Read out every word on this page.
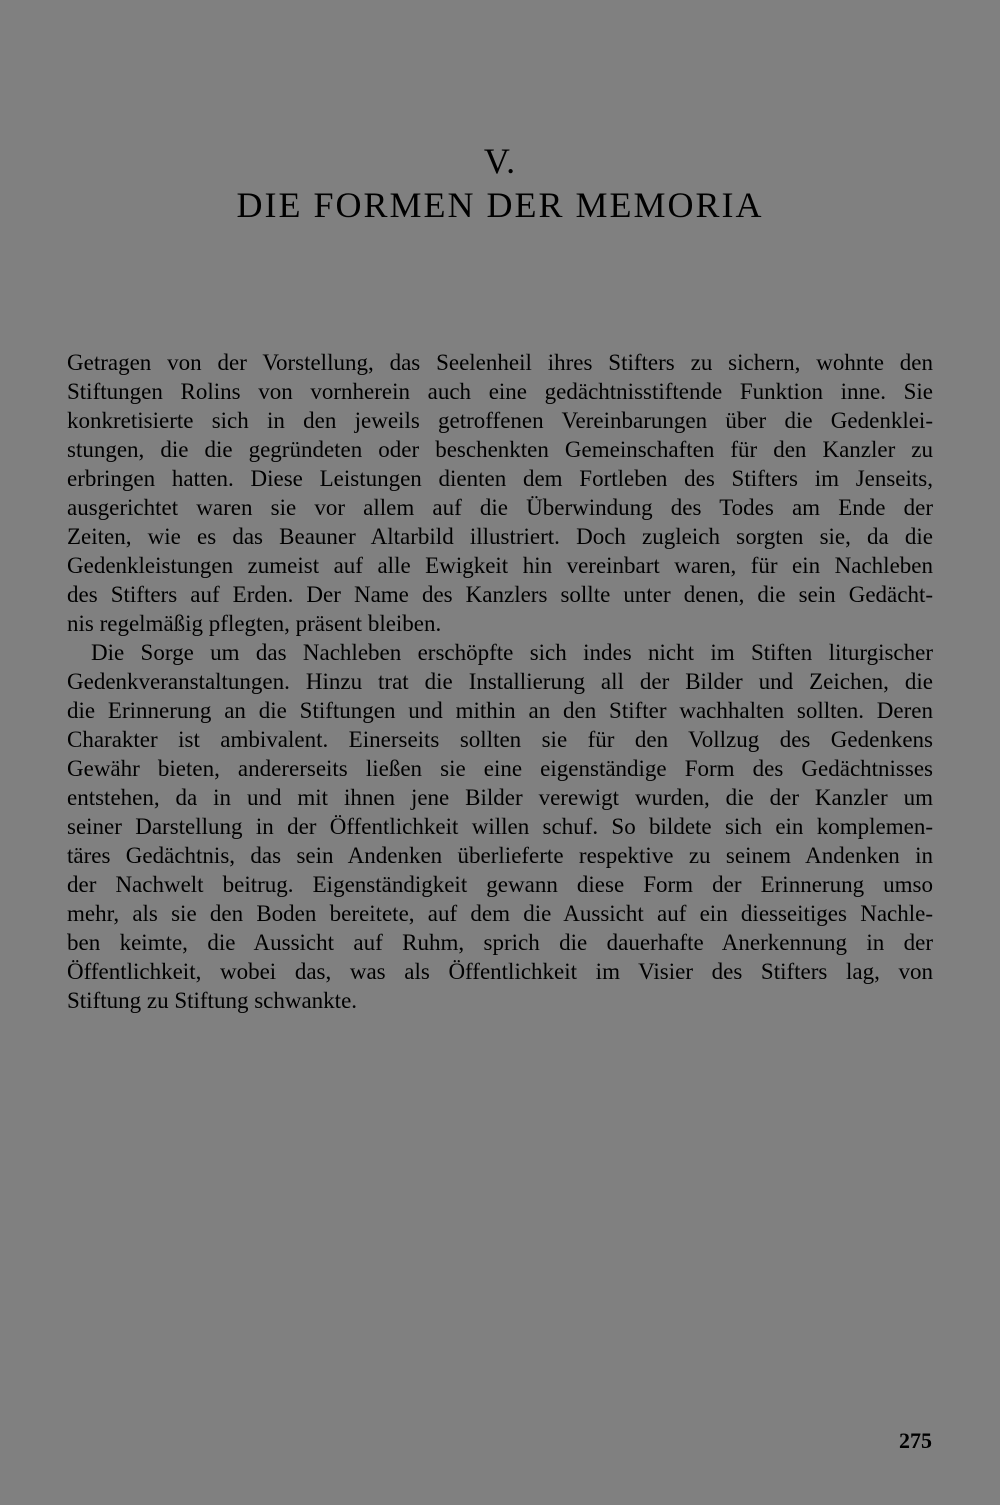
V.
DIE FORMEN DER MEMORIA
Getragen von der Vorstellung, das Seelenheil ihres Stifters zu sichern, wohnte den
Stiftungen Rolins von vornherein auch eine gedächtnisstiftende Funktion inne. Sie
konkretisierte sich in den jeweils getroffenen Vereinbarungen über die Gedenklei-
stungen, die die gegründeten oder beschenkten Gemeinschaften für den Kanzler zu
erbringen hatten. Diese Leistungen dienten dem Fortleben des Stifters im Jenseits,
ausgerichtet waren sie vor allem auf die Überwindung des Todes am Ende der
Zeiten, wie es das Beauner Altarbild illustriert. Doch zugleich sorgten sie, da die
Gedenkleistungen zumeist auf alle Ewigkeit hin vereinbart waren, für ein Nachleben
des Stifters auf Erden. Der Name des Kanzlers sollte unter denen, die sein Gedächt-
nis regelmäßig pflegten, präsent bleiben.
Die Sorge um das Nachleben erschöpfte sich indes nicht im Stiften liturgischer
Gedenkveranstaltungen. Hinzu trat die Installierung all der Bilder und Zeichen, die
die Erinnerung an die Stiftungen und mithin an den Stifter wachhalten sollten. Deren
Charakter ist ambivalent. Einerseits sollten sie für den Vollzug des Gedenkens
Gewähr bieten, andererseits ließen sie eine eigenständige Form des Gedächtnisses
entstehen, da in und mit ihnen jene Bilder verewigt wurden, die der Kanzler um
seiner Darstellung in der Öffentlichkeit willen schuf. So bildete sich ein komplemen-
täres Gedächtnis, das sein Andenken überlieferte respektive zu seinem Andenken in
der Nachwelt beitrug. Eigenständigkeit gewann diese Form der Erinnerung umso
mehr, als sie den Boden bereitete, auf dem die Aussicht auf ein diesseitiges Nachle-
ben keimte, die Aussicht auf Ruhm, sprich die dauerhafte Anerkennung in der
Öffentlichkeit, wobei das, was als Öffentlichkeit im Visier des Stifters lag, von
Stiftung zu Stiftung schwankte.
275
